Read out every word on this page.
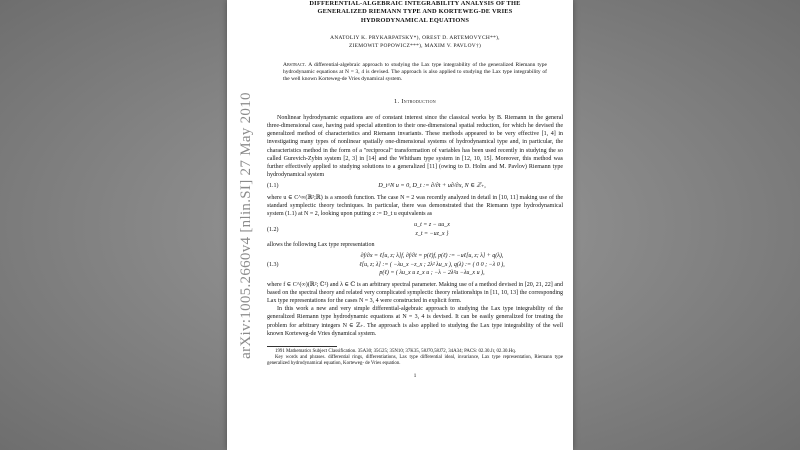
DIFFERENTIAL-ALGEBRAIC INTEGRABILITY ANALYSIS OF THE
GENERALIZED RIEMANN TYPE AND KORTEWEG-DE VRIES
HYDRODYNAMICAL EQUATIONS
ANATOLIY K. PRYKARPATSKY*), OREST D. ARTEMOVYCH**),
ZIEMOWIT POPOWICZ***), MAXIM V. PAVLOV†)
Abstract. A differential-algebraic approach to studying the Lax type integrability of the generalized Riemann type hydrodynamic equations at N = 3, 4 is devised. The approach is also applied to studying the Lax type integrability of the well known Korteweg-de Vries dynamical system.
1. Introduction

Nonlinear hydrodynamic equations are of constant interest since the classical works by B. Riemann in the general three-dimensional case, having paid special attention to their one-dimensional spatial reduction, for which he devised the generalized method of characteristics and Riemann invariants. These methods appeared to be very effective [1, 4] in investigating many types of nonlinear spatially one-dimensional systems of hydrodynamical type and, in particular, the characteristics method in the form of a "reciprocal" transformation of variables has been used recently in studying the so called Gurevich-Zybin system [2, 3] in [14] and the Whitham type system in [12, 10, 15]. Moreover, this method was further effectively applied to studying solutions to a generalized [11] (owing to D. Holm and M. Pavlov) Riemann type hydrodynamical system

(1.1)	D_t^N u = 0, D_t := ∂/∂t + u∂/∂x, N ∈ ℤ₊,

where u ∈ C^∞(ℝ²;ℝ) is a smooth function. The case N = 2 was recently analyzed in detail in [10, 11] making use of the standard symplectic theory techniques. In particular, there was demonstrated that the Riemann type hydrodynamical system (1.1) at N = 2, looking upon putting z := D_t u equivalents as

(1.2)
u_t = z − uu_x
z_t = −uz_x }

allows the following Lax type representation

(1.3)
∂f/∂x = ℓ[u, z; λ]f, ∂f/∂t = p(ℓ)f, p(ℓ) := −uℓ[u, z; λ] + q(λ),
ℓ[u, z; λ] := ( −λu_x −z_x ; 2λ² λu_x ), q(λ) := ( 0 0 ; −λ 0 ),
p(ℓ) = ( λu_x u z_x u ; −λ − 2λ²u −λu_x u ),

where f ∈ C^(∞)(ℝ²; ℂ²) and λ ∈ ℂ is an arbitrary spectral parameter. Making use of a method devised in [20, 21, 22] and based on the spectral theory and related very complicated symplectic theory relationships in [11, 10, 13] the corresponding Lax type representations for the cases N = 3, 4 were constructed in explicit form.

In this work a new and very simple differential-algebraic approach to studying the Lax type integrability of the generalized Riemann type hydrodynamic equations at N = 3, 4 is devised. It can be easily generalized for treating the problem for arbitrary integers N ∈ ℤ₊. The approach is also applied to studying the Lax type integrability of the well known Korteweg-de Vries dynamical system.

1991 Mathematics Subject Classification. 35A30; 35G25; 35N10; 37K35, 58J70,58J72, 34A34; PACS: 02.30.Jr, 02.30.Hq.
Key words and phrases. differential rings, differentiations, Lax type differential ideal, invariance, Lax type representation, Riemann type generalized hydrodynamical equation, Korteweg- de Vries equation.
1
arXiv:1005.2660v4 [nlin.SI] 27 May 2010
